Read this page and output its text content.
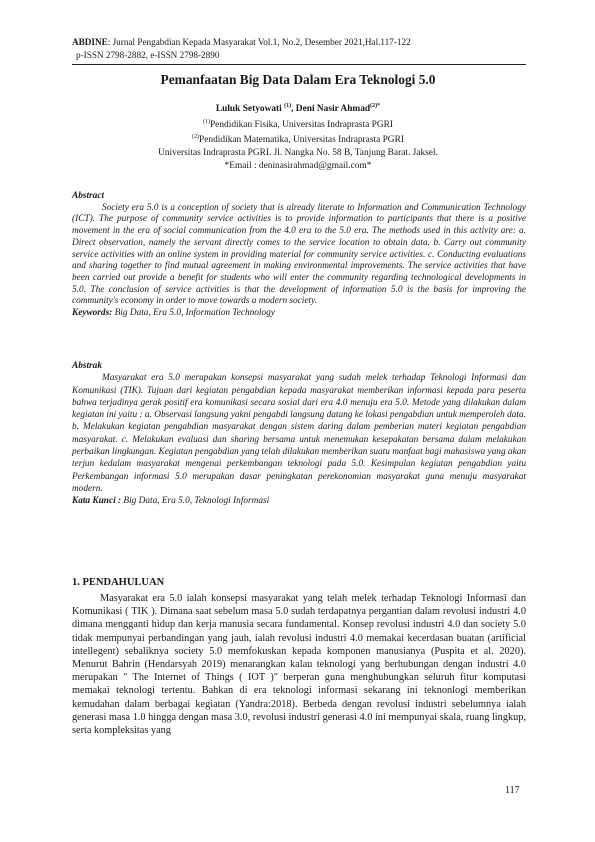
ABDINE: Jurnal Pengabdian Kepada Masyarakat Vol.1, No.2, Desember 2021,Hal.117-122
p-ISSN 2798-2882, e-ISSN 2798-2890
Pemanfaatan Big Data Dalam Era Teknologi 5.0
Luluk Setyowati $^{(1)}$, Deni Nasir Ahmad$^{(2)*}$
$^{(1)}$Pendidikan Fisika, Universitas Indraprasta PGRI
$^{(2)}$Pendidikan Matematika, Universitas Indraprasta PGRI
Universitas Indraprasta PGRI. Jl. Nangka No. 58 B, Tanjung Barat. Jaksel.
*Email : deninasirahmad@gmail.com*
Abstract

Society era 5.0 is a conception of society that is already literate to Information and Communication Technology (ICT). The purpose of community service activities is to provide information to participants that there is a positive movement in the era of social communication from the 4.0 era to the 5.0 era. The methods used in this activity are: a. Direct observation, namely the servant directly comes to the service location to obtain data. b. Carry out community service activities with an online system in providing material for community service activities. c. Conducting evaluations and sharing together to find mutual agreement in making environmental improvements. The service activities that have been carried out provide a benefit for students who will enter the community regarding technological developments in 5.0. The conclusion of service activities is that the development of information 5.0 is the basis for improving the community's economy in order to move towards a modern society.

Keywords: Big Data, Era 5.0, Information Technology
Abstrak

Masyarakat era 5.0 merupakan konsepsi masyarakat yang sudah melek terhadap Teknologi Informasi dan Komunikasi (TIK). Tujuan dari kegiatan pengabdian kepada masyarakat memberikan informasi kepada para peserta bahwa terjadinya gerak positif era komunikasi secara sosial dari era 4.0 menuju era 5.0. Metode yang dilakukan dalam kegiatan ini yaitu : a. Observasi langsung yakni pengabdi langsung datang ke lokasi pengabdian untuk memperoleh data. b. Melakukan kegiatan pengabdian masyarakat dengan sistem daring dalam pemberian materi kegiatan pengabdian masyarakat. c. Melakukan evaluasi dan sharing bersama untuk menemukan kesepakatan bersama dalam melakukan perbaikan lingkungan. Kegiatan pengabdian yang telah dilakukan memberikan suatu manfaat bagi mahasiswa yang akan terjun kedalam masyarakat mengenai perkembangan teknologi pada 5.0. Kesimpulan kegiatan pengabdian yaitu Perkembangan informasi 5.0 merupakan dasar peningkatan perekonomian masyarakat guna menuju masyarakat modern.

Kata Kunci : Big Data, Era 5.0, Teknologi Informasi
1. PENDAHULUAN

Masyarakat era 5.0 ialah konsepsi masyarakat yang telah melek terhadap Teknologi Informasi dan Komunikasi ( TIK ). Dimana saat sebelum masa 5.0 sudah terdapatnya pergantian dalam revolusi industri 4.0 dimana mengganti hidup dan kerja manusia secara fundamental. Konsep revolusi industri 4.0 dan society 5.0 tidak mempunyai perbandingan yang jauh, ialah revolusi industri 4.0 memakai kecerdasan buatan (artificial intellegent) sebaliknya society 5.0 memfokuskan kepada komponen manusianya (Puspita et al. 2020). Menurut Bahrin (Hendarsyah 2019) menarangkan kalau teknologi yang berhubungan dengan industri 4.0 merupakan " The Internet of Things ( IOT )" berperan guna menghubungkan seluruh fitur komputasi memakai teknologi tertentu. Bahkan di era teknologi informasi sekarang ini teknonlogi memberikan kemudahan dalam berbagai kegiatan (Yandra:2018). Berbeda dengan revolusi industri sebelumnya ialah generasi masa 1.0 hingga dengan masa 3.0, revolusi industri generasi 4.0 ini mempunyai skala, ruang lingkup, serta kompleksitas yang

117
